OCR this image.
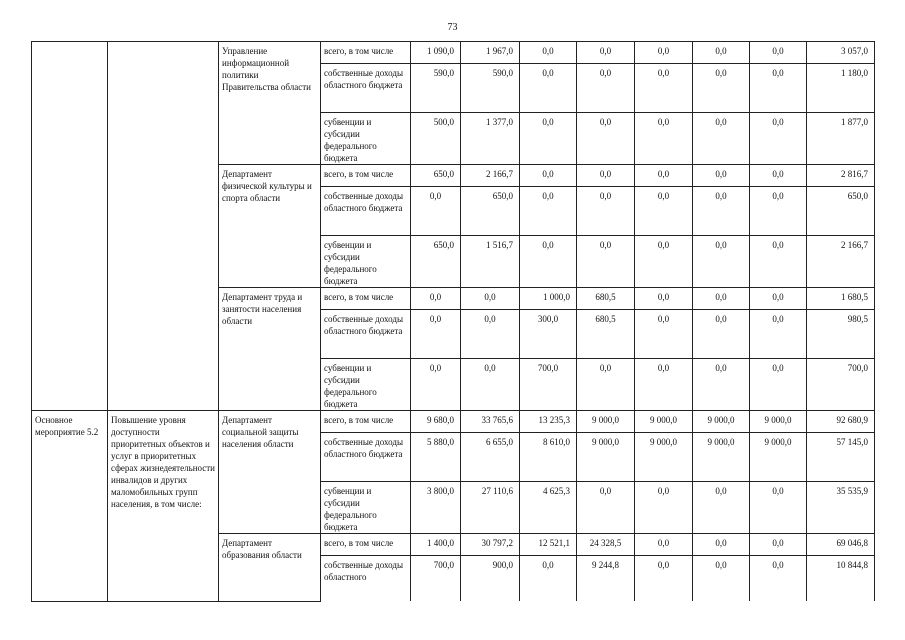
73
		Управление информационной политики Правительства области	всего, в том числе	1 090,0	1 967,0	0,0	0,0	0,0	0,0	0,0	3 057,0
			собственные доходы областного бюджета	590,0	590,0	0,0	0,0	0,0	0,0	0,0	1 180,0
			субвенции и субсидии федерального бюджета	500,0	1 377,0	0,0	0,0	0,0	0,0	0,0	1 877,0
		Департамент физической культуры и спорта области	всего, в том числе	650,0	2 166,7	0,0	0,0	0,0	0,0	0,0	2 816,7
			собственные доходы областного бюджета	0,0	650,0	0,0	0,0	0,0	0,0	0,0	650,0
			субвенции и субсидии федерального бюджета	650,0	1 516,7	0,0	0,0	0,0	0,0	0,0	2 166,7
		Департамент труда и занятости населения области	всего, в том числе	0,0	0,0	1 000,0	680,5	0,0	0,0	0,0	1 680,5
			собственные доходы областного бюджета	0,0	0,0	300,0	680,5	0,0	0,0	0,0	980,5
			субвенции и субсидии федерального бюджета	0,0	0,0	700,0	0,0	0,0	0,0	0,0	700,0
Основное мероприятие 5.2	Повышение уровня доступности приоритетных объектов и услуг в приоритетных сферах жизнедеятельности инвалидов и других маломобильных групп населения, в том числе:	Департамент социальной защиты населения области	всего, в том числе	9 680,0	33 765,6	13 235,3	9 000,0	9 000,0	9 000,0	9 000,0	92 680,9
			собственные доходы областного бюджета	5 880,0	6 655,0	8 610,0	9 000,0	9 000,0	9 000,0	9 000,0	57 145,0
			субвенции и субсидии федерального бюджета	3 800,0	27 110,6	4 625,3	0,0	0,0	0,0	0,0	35 535,9
		Департамент образования области	всего, в том числе	1 400,0	30 797,2	12 521,1	24 328,5	0,0	0,0	0,0	69 046,8
			собственные доходы областного	700,0	900,0	0,0	9 244,8	0,0	0,0	0,0	10 844,8
